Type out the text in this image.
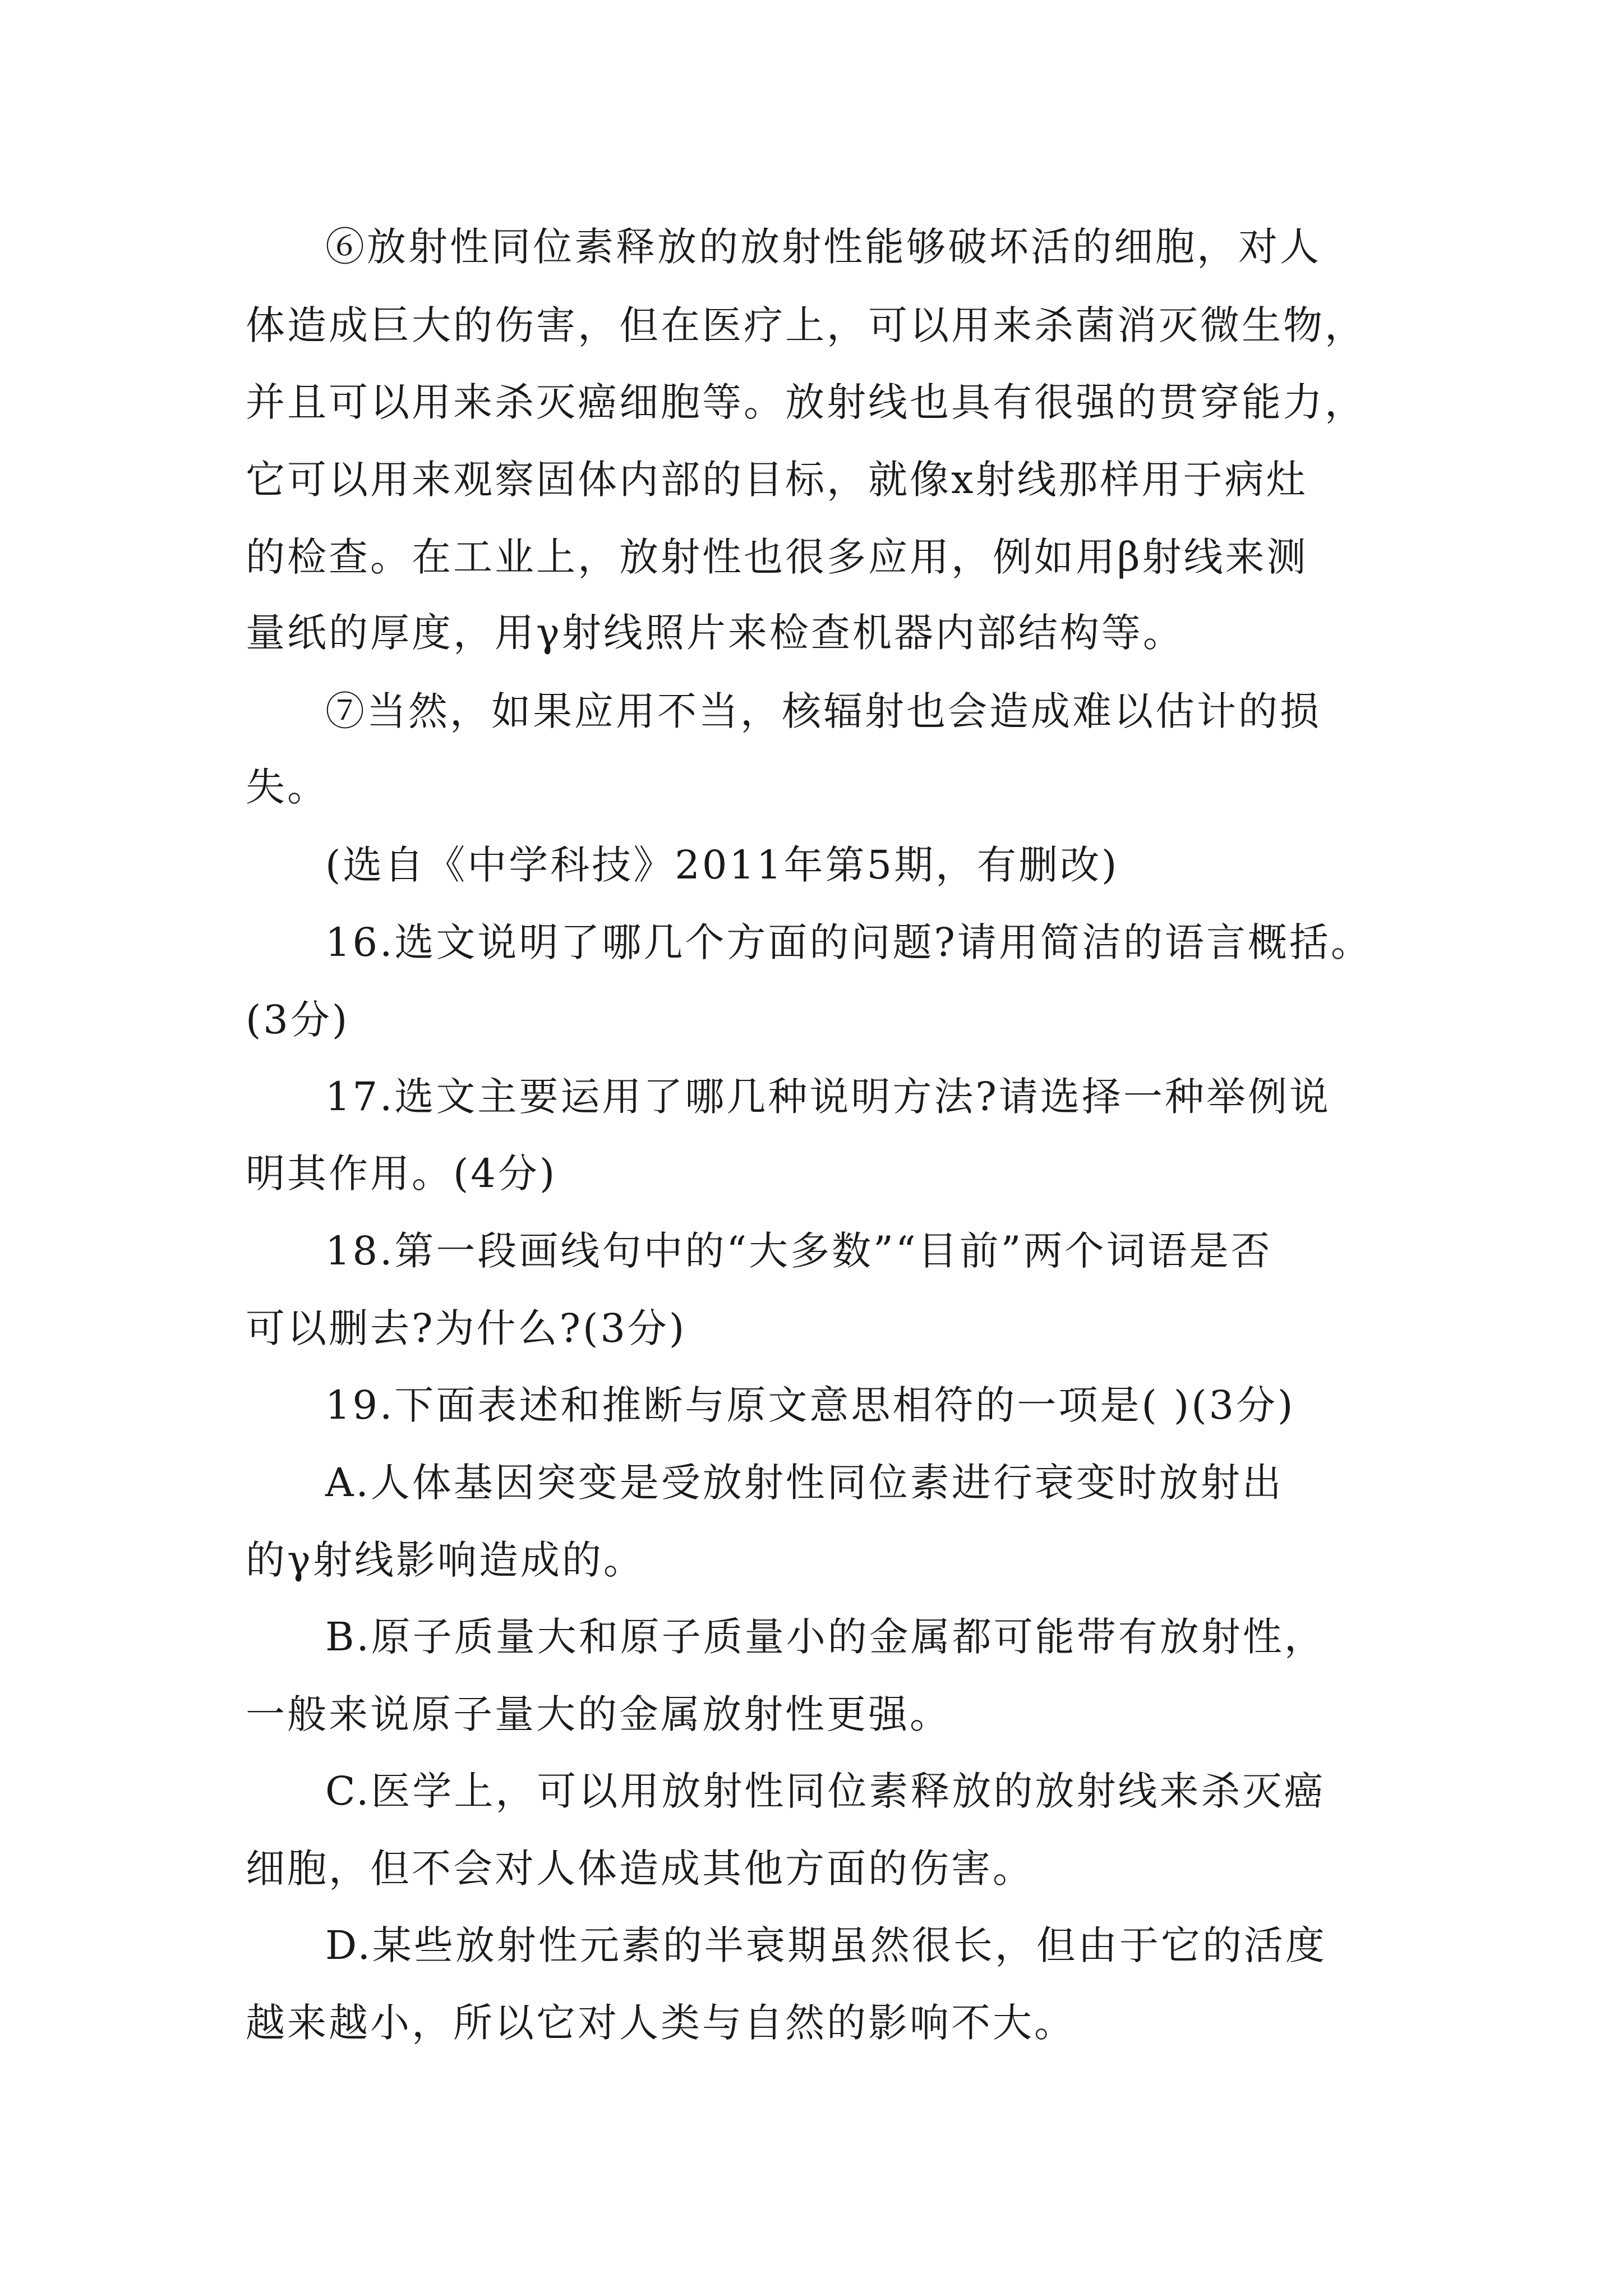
⑥放射性同位素释放的放射性能够破坏活的细胞，对人
体造成巨大的伤害，但在医疗上，可以用来杀菌消灭微生物，
并且可以用来杀灭癌细胞等。放射线也具有很强的贯穿能力，
它可以用来观察固体内部的目标，就像x射线那样用于病灶
的检查。在工业上，放射性也很多应用，例如用β射线来测
量纸的厚度，用γ射线照片来检查机器内部结构等。
⑦当然，如果应用不当，核辐射也会造成难以估计的损
失。
(选自《中学科技》2011年第5期，有删改)
16.选文说明了哪几个方面的问题?请用简洁的语言概括。
(3分)
17.选文主要运用了哪几种说明方法?请选择一种举例说
明其作用。(4分)
18.第一段画线句中的“大多数”“目前”两个词语是否
可以删去?为什么?(3分)
19.下面表述和推断与原文意思相符的一项是( )(3分)
A.人体基因突变是受放射性同位素进行衰变时放射出
的γ射线影响造成的。
B.原子质量大和原子质量小的金属都可能带有放射性，
一般来说原子量大的金属放射性更强。
C.医学上，可以用放射性同位素释放的放射线来杀灭癌
细胞，但不会对人体造成其他方面的伤害。
D.某些放射性元素的半衰期虽然很长，但由于它的活度
越来越小，所以它对人类与自然的影响不大。
